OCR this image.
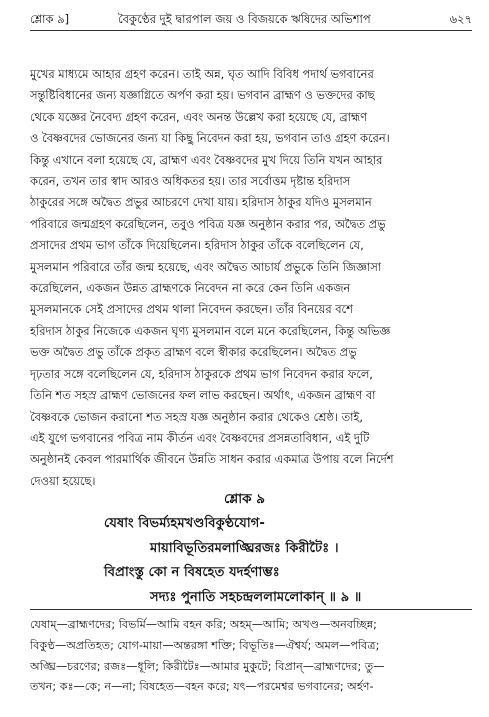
শ্লোক ৯]	বৈকুণ্ঠের দুই দ্বারপাল জয় ও বিজয়কে ঋষিদের অভিশাপ	৬২৭

মুখের মাধ্যমে আহার গ্রহণ করেন। তাই অন্ন, ঘৃত আদি বিবিধ পদার্থ ভগবানের

সন্তুষ্টিবিধানের জন্য যজ্ঞাগ্নিতে অর্পণ করা হয়। ভগবান ব্রাহ্মণ ও ভক্তদের কাছ

থেকে যজ্ঞের নৈবেদ্য গ্রহণ করেন, এবং অনন্ত উল্লেখ করা হয়েছে যে, ব্রাহ্মণ

ও বৈষ্ণবদের ভোজনের জন্য যা কিছু নিবেদন করা হয়, ভগবান তাও গ্রহণ করেন।

কিন্তু এখানে বলা হয়েছে যে, ব্রাহ্মণ এবং বৈষ্ণবদের মুখ দিয়ে তিনি যখন আহার

করেন, তখন তার স্বাদ আরও অধিকতর হয়। তার সর্বোত্তম দৃষ্টান্ত হরিদাস

ঠাকুরের সঙ্গে অদ্বৈত প্রভুর আচরণে দেখা যায়। হরিদাস ঠাকুর যদিও মুসলমান

পরিবারে জন্মগ্রহণ করেছিলেন, তবুও পবিত্র যজ্ঞ অনুষ্ঠান করার পর, অদ্বৈত প্রভু

প্রসাদের প্রথম ভাগ তাঁকে দিয়েছিলেন। হরিদাস ঠাকুর তাঁকে বলেছিলেন যে,

মুসলমান পরিবারে তাঁর জন্ম হয়েছে, এবং অদ্বৈত আচার্য প্রভুকে তিনি জিজ্ঞাসা

করেছিলেন, একজন উন্নত ব্রাহ্মণকে নিবেদন না করে কেন তিনি একজন

মুসলমানকে সেই প্রসাদের প্রথম থালা নিবেদন করছেন। তাঁর বিনয়ের বশে

হরিদাস ঠাকুর নিজেকে একজন ঘৃণ্য মুসলমান বলে মনে করেছিলেন, কিন্তু অভিজ্ঞ

ভক্ত অদ্বৈত প্রভু তাঁকে প্রকৃত ব্রাহ্মণ বলে স্বীকার করেছিলেন। অদ্বৈত প্রভু

দৃঢ়তার সঙ্গে বলেছিলেন যে, হরিদাস ঠাকুরকে প্রথম ভাগ নিবেদন করার ফলে,

তিনি শত সহস্র ব্রাহ্মণ ভোজনের ফল লাভ করছেন। অর্থাৎ, একজন ব্রাহ্মণ বা

বৈষ্ণবকে ভোজন করানো শত সহস্র যজ্ঞ অনুষ্ঠান করার থেকেও শ্রেষ্ঠ। তাই,

এই যুগে ভগবানের পবিত্র নাম কীর্তন এবং বৈষ্ণবদের প্রসন্নতাবিধান, এই দুটি

অনুষ্ঠানই কেবল পারমার্থিক জীবনে উন্নতি সাধন করার একমাত্র উপায় বলে নির্দেশ

দেওয়া হয়েছে।

শ্লোক ৯

যেষাং বিভর্ম্যহমখণ্ডবিকুণ্ঠযোগ-

মায়াবিভূতিরমলাঙ্ঘ্রিরজঃ কিরীটৈঃ ।

বিপ্রাংস্তু কো ন বিষহেত যদৰ্হণাম্ভঃ

সদ্যঃ পুনাতি সহচন্দ্রললামলোকান্ ॥ ৯ ॥

যেষাম্—ব্রাহ্মণদের; বিভর্মি—আমি বহন করি; অহম্—আমি; অখণ্ড—অনবচ্ছিন্ন;

বিকুণ্ঠ—অপ্রতিহত; যোগ-মায়া—অন্তরঙ্গা শক্তি; বিভূতিঃ—ঐশ্বর্য; অমল—পবিত্র;

অঙ্ঘ্রি—চরণের; রজঃ—ধূলি; কিরীটৈঃ—আমার মুকুটে; বিপ্রান্—ব্রাহ্মণদের; তু—

তখন; কঃ—কে; ন—না; বিষহেত—বহন করে; যৎ—পরমেশ্বর ভগবানের; অর্হণ-
